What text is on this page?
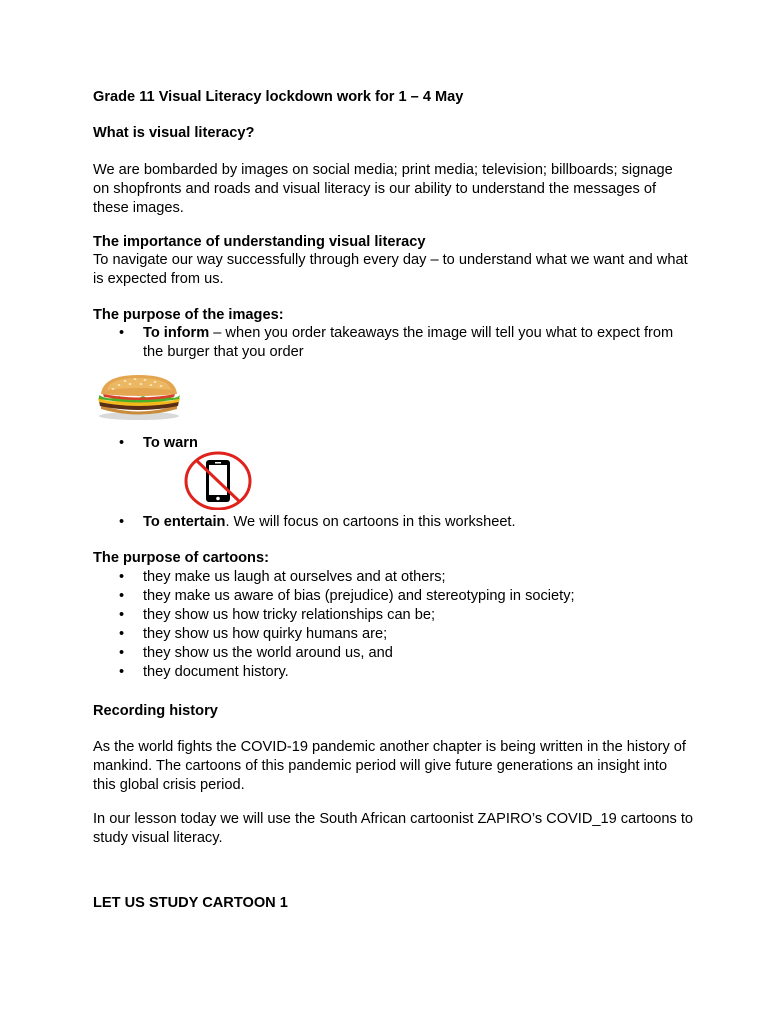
Grade 11 Visual Literacy lockdown work for 1 – 4 May

What is visual literacy?

We are bombarded by images on social media; print media; television; billboards; signage on shopfronts and roads and visual literacy is our ability to understand the messages of these images.

The importance of understanding visual literacy

To navigate our way successfully through every day – to understand what we want and what is expected from us.

The purpose of the images:

• To inform – when you order takeaways the image will tell you what to expect from the burger that you order
• To warn
• To entertain. We will focus on cartoons in this worksheet.

The purpose of cartoons:

• they make us laugh at ourselves and at others;
• they make us aware of bias (prejudice) and stereotyping in society;
• they show us how tricky relationships can be;
• they show us how quirky humans are;
• they show us the world around us, and
• they document history.

Recording history

As the world fights the COVID-19 pandemic another chapter is being written in the history of mankind. The cartoons of this pandemic period will give future generations an insight into this global crisis period.

In our lesson today we will use the South African cartoonist ZAPIRO’s COVID_19 cartoons to study visual literacy.

LET US STUDY CARTOON 1
